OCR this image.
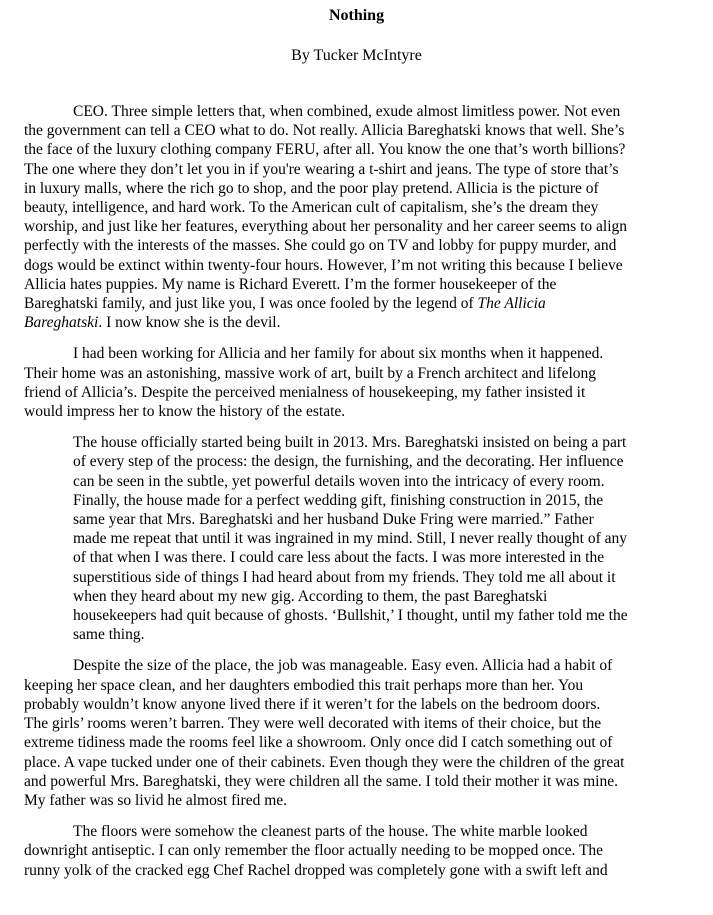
Nothing

By Tucker McIntyre

CEO. Three simple letters that, when combined, exude almost limitless power. Not even
the government can tell a CEO what to do. Not really. Allicia Bareghatski knows that well. She’s
the face of the luxury clothing company FERU, after all. You know the one that’s worth billions?
The one where they don’t let you in if you're wearing a t-shirt and jeans. The type of store that’s
in luxury malls, where the rich go to shop, and the poor play pretend. Allicia is the picture of
beauty, intelligence, and hard work. To the American cult of capitalism, she’s the dream they
worship, and just like her features, everything about her personality and her career seems to align
perfectly with the interests of the masses. She could go on TV and lobby for puppy murder, and
dogs would be extinct within twenty-four hours. However, I’m not writing this because I believe
Allicia hates puppies. My name is Richard Everett. I’m the former housekeeper of the
Bareghatski family, and just like you, I was once fooled by the legend of The Allicia
Bareghatski. I now know she is the devil.

I had been working for Allicia and her family for about six months when it happened.
Their home was an astonishing, massive work of art, built by a French architect and lifelong
friend of Allicia’s. Despite the perceived menialness of housekeeping, my father insisted it
would impress her to know the history of the estate.

The house officially started being built in 2013. Mrs. Bareghatski insisted on being a part
of every step of the process: the design, the furnishing, and the decorating. Her influence
can be seen in the subtle, yet powerful details woven into the intricacy of every room.
Finally, the house made for a perfect wedding gift, finishing construction in 2015, the
same year that Mrs. Bareghatski and her husband Duke Fring were married.” Father
made me repeat that until it was ingrained in my mind. Still, I never really thought of any
of that when I was there. I could care less about the facts. I was more interested in the
superstitious side of things I had heard about from my friends. They told me all about it
when they heard about my new gig. According to them, the past Bareghatski
housekeepers had quit because of ghosts. ‘Bullshit,’ I thought, until my father told me the
same thing.

Despite the size of the place, the job was manageable. Easy even. Allicia had a habit of
keeping her space clean, and her daughters embodied this trait perhaps more than her. You
probably wouldn’t know anyone lived there if it weren’t for the labels on the bedroom doors.
The girls’ rooms weren’t barren. They were well decorated with items of their choice, but the
extreme tidiness made the rooms feel like a showroom. Only once did I catch something out of
place. A vape tucked under one of their cabinets. Even though they were the children of the great
and powerful Mrs. Bareghatski, they were children all the same. I told their mother it was mine.
My father was so livid he almost fired me.

The floors were somehow the cleanest parts of the house. The white marble looked
downright antiseptic. I can only remember the floor actually needing to be mopped once. The
runny yolk of the cracked egg Chef Rachel dropped was completely gone with a swift left and
